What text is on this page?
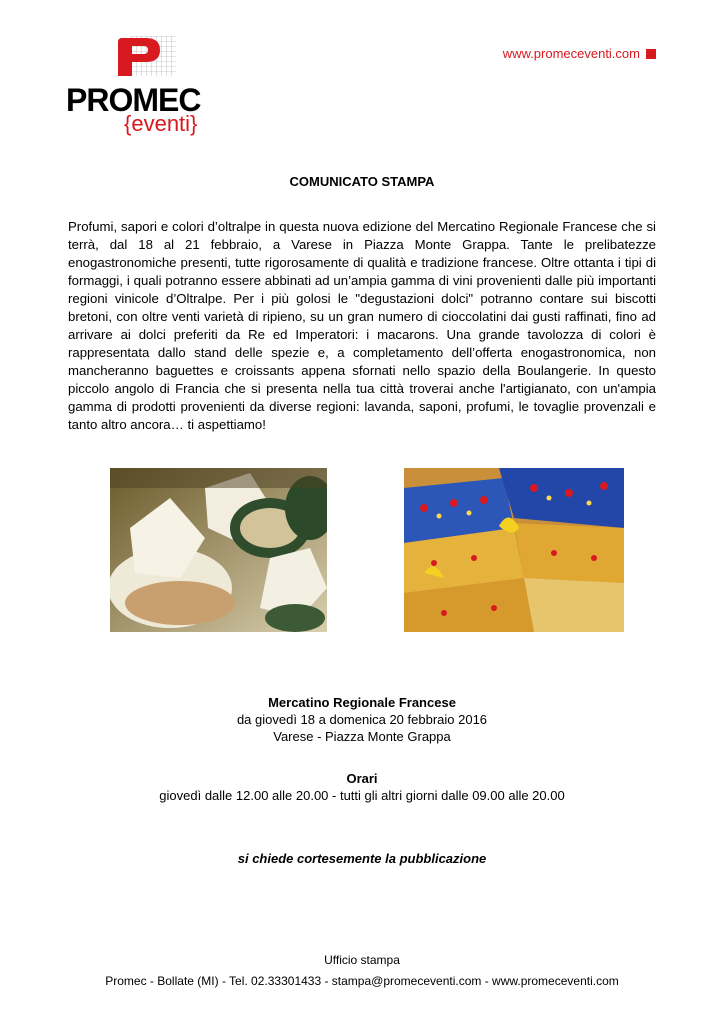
PROMEC
{eventi}
www.promeceventi.com
COMUNICATO STAMPA
Profumi, sapori e colori d’oltralpe in questa nuova edizione del Mercatino Regionale Francese che si terrà, dal 18 al 21 febbraio, a Varese in Piazza Monte Grappa. Tante le prelibatezze enogastronomiche presenti, tutte rigorosamente di qualità e tradizione francese. Oltre ottanta i tipi di formaggi, i quali potranno essere abbinati ad un’ampia gamma di vini provenienti dalle più importanti regioni vinicole d’Oltralpe. Per i più golosi le "degustazioni dolci" potranno contare sui biscotti bretoni, con oltre venti varietà di ripieno, su un gran numero di cioccolatini dai gusti raffinati, fino ad arrivare ai dolci preferiti da Re ed Imperatori: i macarons. Una grande tavolozza di colori è rappresentata dallo stand delle spezie e, a completamento dell’offerta enogastronomica, non mancheranno baguettes e croissants appena sfornati nello spazio della Boulangerie. In questo piccolo angolo di Francia che si presenta nella tua città troverai anche l'artigianato, con un'ampia gamma di prodotti provenienti da diverse regioni: lavanda, saponi, profumi, le tovaglie provenzali e tanto altro ancora… ti aspettiamo!
Mercatino Regionale Francese
da giovedì 18 a domenica 20 febbraio 2016
Varese - Piazza Monte Grappa
Orari
giovedì dalle 12.00 alle 20.00 - tutti gli altri giorni dalle 09.00 alle 20.00
si chiede cortesemente la pubblicazione
Ufficio stampa
Promec - Bollate (MI) - Tel. 02.33301433 - stampa@promeceventi.com - www.promeceventi.com
